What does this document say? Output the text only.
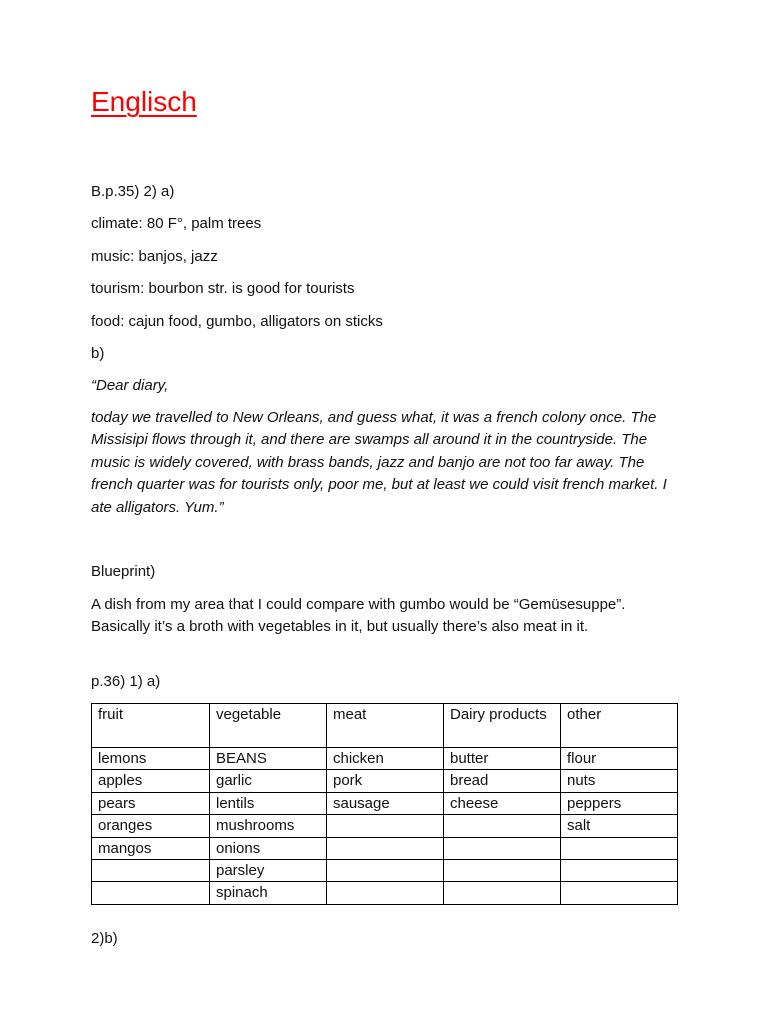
Englisch
B.p.35) 2) a)
climate: 80 F°, palm trees
music: banjos, jazz
tourism: bourbon str. is good for tourists
food: cajun food, gumbo, alligators on sticks
b)
“Dear diary,
today we travelled to New Orleans, and guess what, it was a french colony once. The Missisipi flows through it, and there are swamps all around it in the countryside. The music is widely covered, with brass bands, jazz and banjo are not too far away. The french quarter was for tourists only, poor me, but at least we could visit french market. I ate alligators. Yum.”
Blueprint)
A dish from my area that I could compare with gumbo would be “Gemüsesuppe”. Basically it’s a broth with vegetables in it, but usually there’s also meat in it.
p.36) 1) a)
fruit	vegetable	meat	Dairy products	other
lemons	BEANS	chicken	butter	flour
apples	garlic	pork	bread	nuts
pears	lentils	sausage	cheese	peppers
oranges	mushrooms			salt
mangos	onions			
	parsley			
	spinach			
2)b)
